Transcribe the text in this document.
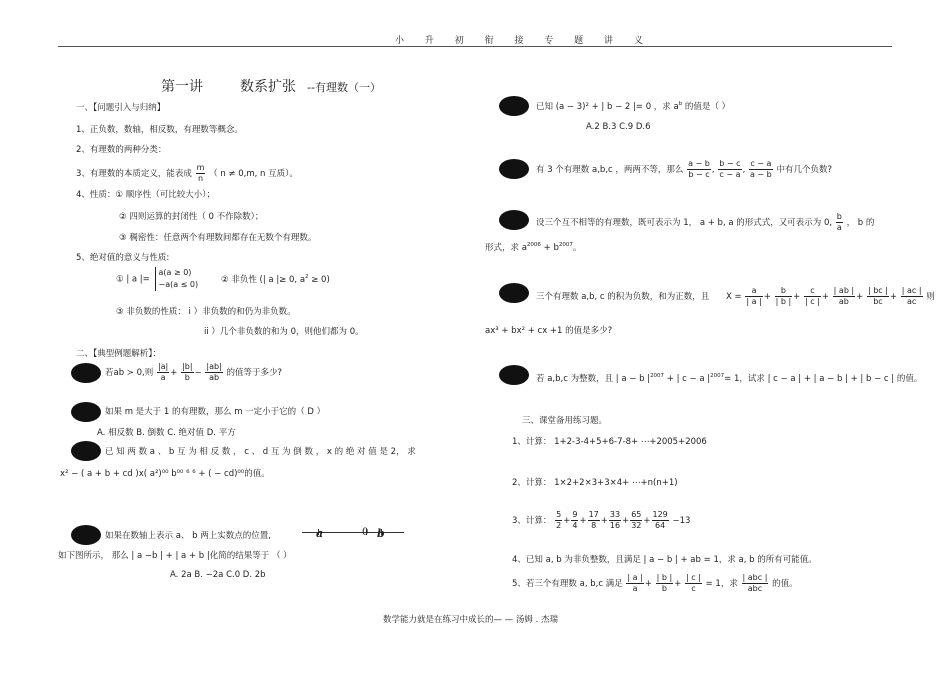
小 升 初 衔 接 专 题 讲 义
第一讲	数系扩张 --有理数（一）
一、【问题引入与归纳】
1、正负数，数轴，相反数，有理数等概念。
2、有理数的两种分类：
3、有理数的本质定义，能表成 $\frac{m}{n}$ （ n ≠ 0,m, n 互质）。
4、性质：① 顺序性（可比较大小）；
② 四则运算的封闭性（ 0 不作除数）；
③ 稠密性：任意两个有理数间都存在无数个有理数。
5、绝对值的意义与性质:
① | a |=
a(a ≥ 0)
−a(a ≤ 0)	② 非负性 (| a |≥ 0, $a^2 \ge 0$)
③ 非负数的性质： i ）非负数的和仍为非负数。
ii ）几个非负数的和为 0，则他们都为 0。
二、【典型例题解析】：
若ab ≻ 0,则 $\frac{|a|}{a} + \frac{|b|}{b} - \frac{|ab|}{ab}$ 的值等于多少?
如果 m 是大于 1 的有理数，那么 m 一定小于它的（ D ）
A. 相反数 B. 倒数 C. 绝对值 D. 平方
已 知 两 数 a 、 b 互 为 相 反 数 ， c 、 d 互 为 倒 数 ， x 的 绝 对 值 是 2， 求
x² − ( a + b + cd )x( a²)⁰⁰ b⁰⁰ ⁶ ⁶ + ( − cd)⁰⁰的值。
如果在数轴上表示 a、 b 两上实数点的位置,	a	0 b
如下图所示， 那么 | a −b | + | a + b |化简的结果等于 （ ）
A. 2a B. −2a C.0 D. 2b
已知 (a − 3)² + | b − 2 |= 0 ，求 $a^b$ 的值是（ ）
A.2 B.3 C.9 D.6
有 3 个有理数 a,b,c ，两两不等，那么 $\frac{a - b}{b - c}$ , $\frac{b - c}{c - a}$ , $\frac{c - a}{a - b}$ 中有几个负数?
设三个互不相等的有理数，既可表示为 1， a + b, a 的形式式，又可表示为 0, $\frac{b}{a}$ ， b 的
形式，求 $a^{2006} + b^{2007}$。
三个有理数 a,b, c 的积为负数，和为正数，且 $X = \frac{a}{| a |} + \frac{b}{| b |} + \frac{c}{| c |} + \frac{| ab |}{ab} + \frac{| bc |}{bc} + \frac{| ac |}{ac}$ 则
ax³ + bx² + cx +1 的值是多少?
若 a,b,c 为整数，且 | a − b $|^{2007}$ + | c − a $|^{2007}= 1$，试求 | c − a | + | a − b | + | b − c | 的值。
三、课堂备用练习题。
1、计算： 1+2-3-4+5+6-7-8+ ⋯+2005+2006
2、计算： 1×2+2×3+3×4+ ⋯+n(n+1)
3、计算： $\frac{5}{2} + \frac{9}{4} + \frac{17}{8} + \frac{33}{16} + \frac{65}{32} + \frac{129}{64} -13$
4、已知 a, b 为非负整数，且满足 | a − b | + ab = 1，求 a, b 的所有可能值。
5、若三个有理数 a, b,c 满足 $\frac{| a |}{a} + \frac{| b |}{b} + \frac{| c |}{c} = 1$，求 $\frac{\text{| abc |}}{\text{abc}}$ 的值。
数学能力就是在练习中成长的— — 汤姆 . 杰瑞
